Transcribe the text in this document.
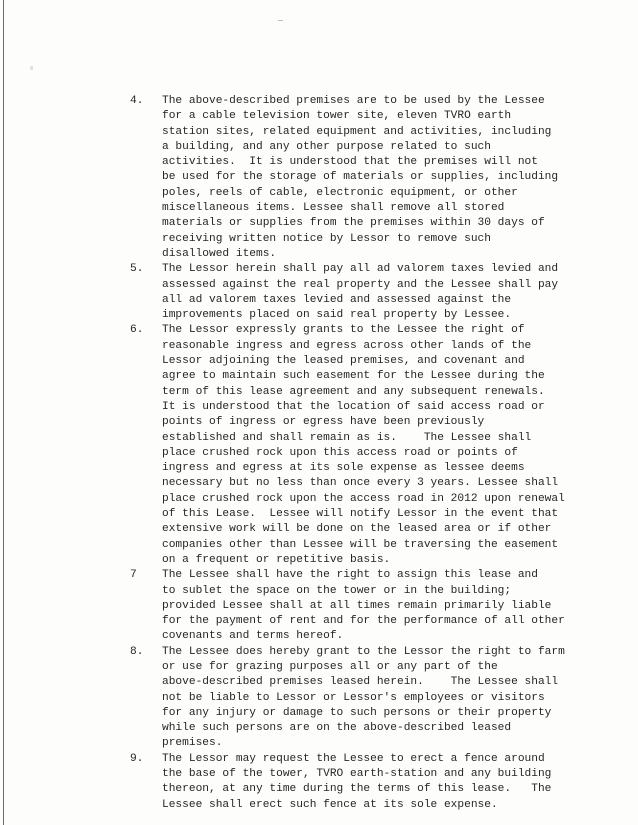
4.	The above-described premises are to be used by the Lessee
for a cable television tower site, eleven TVRO earth
station sites, related equipment and activities, including
a building, and any other purpose related to such
activities.  It is understood that the premises will not
be used for the storage of materials or supplies, including
poles, reels of cable, electronic equipment, or other
miscellaneous items. Lessee shall remove all stored
materials or supplies from the premises within 30 days of
receiving written notice by Lessor to remove such
disallowed items.
5.	The Lessor herein shall pay all ad valorem taxes levied and
assessed against the real property and the Lessee shall pay
all ad valorem taxes levied and assessed against the
improvements placed on said real property by Lessee.
6.	The Lessor expressly grants to the Lessee the right of
reasonable ingress and egress across other lands of the
Lessor adjoining the leased premises, and covenant and
agree to maintain such easement for the Lessee during the
term of this lease agreement and any subsequent renewals.
It is understood that the location of said access road or
points of ingress or egress have been previously
established and shall remain as is.    The Lessee shall
place crushed rock upon this access road or points of
ingress and egress at its sole expense as lessee deems
necessary but no less than once every 3 years. Lessee shall
place crushed rock upon the access road in 2012 upon renewal
of this Lease.  Lessee will notify Lessor in the event that
extensive work will be done on the leased area or if other
companies other than Lessee will be traversing the easement
on a frequent or repetitive basis.
7	The Lessee shall have the right to assign this lease and
to sublet the space on the tower or in the building;
provided Lessee shall at all times remain primarily liable
for the payment of rent and for the performance of all other
covenants and terms hereof.
8.	The Lessee does hereby grant to the Lessor the right to farm
or use for grazing purposes all or any part of the
above-described premises leased herein.    The Lessee shall
not be liable to Lessor or Lessor's employees or visitors
for any injury or damage to such persons or their property
while such persons are on the above-described leased
premises.
9.	The Lessor may request the Lessee to erect a fence around
the base of the tower, TVRO earth-station and any building
thereon, at any time during the terms of this lease.   The
Lessee shall erect such fence at its sole expense.
